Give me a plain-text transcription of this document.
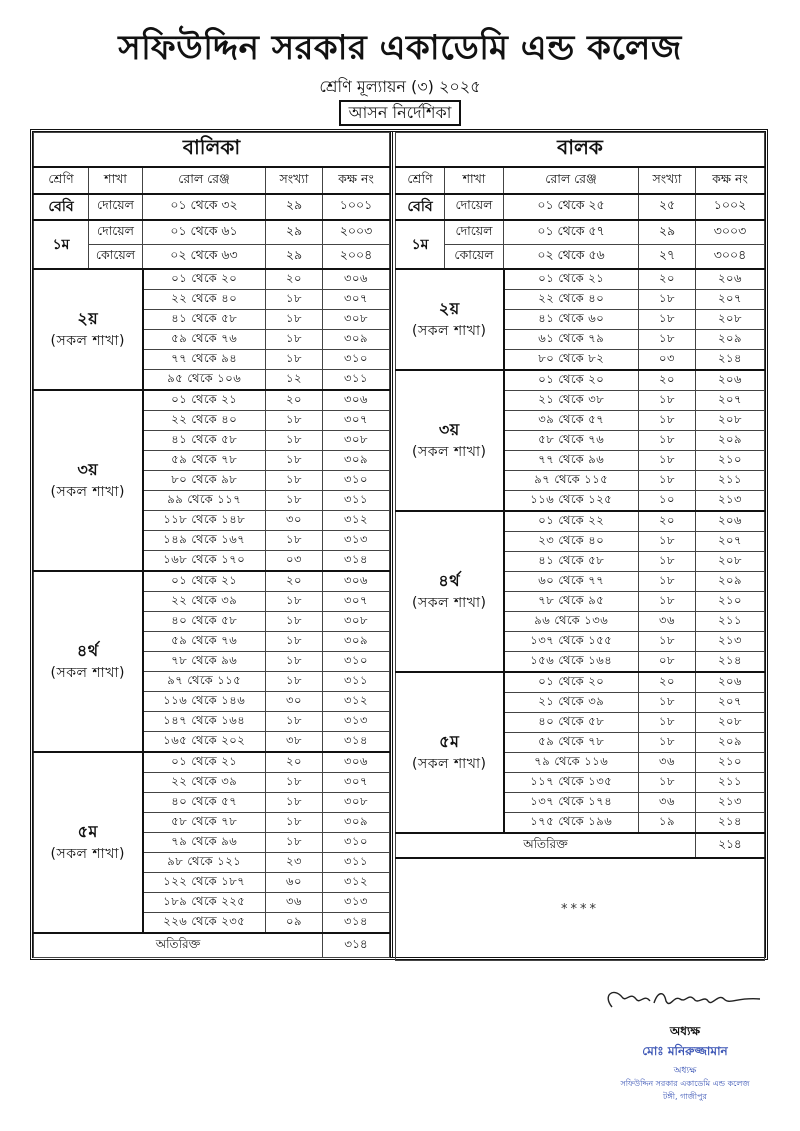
সফিউদ্দিন সরকার একাডেমি এন্ড কলেজ
শ্রেণি মূল্যায়ন (৩) ২০২৫
আসন নির্দেশিকা
বালিকা				
শ্রেণি	শাখা	রোল রেঞ্জ	সংখ্যা	কক্ষ নং
বেবি	দোয়েল	০১ থেকে ৩২	২৯	১০০১
১ম	দোয়েল	০১ থেকে ৬১	২৯	২০০৩
	কোয়েল	০২ থেকে ৬৩	২৯	২০০৪

২য়
(সকল শাখা)		০১ থেকে ২০	২০	৩০৬
		২২ থেকে ৪০	১৮	৩০৭
		৪১ থেকে ৫৮	১৮	৩০৮
		৫৯ থেকে ৭৬	১৮	৩০৯
		৭৭ থেকে ৯৪	১৮	৩১০
		৯৫ থেকে ১০৬	১২	৩১১

৩য়
(সকল শাখা)		০১ থেকে ২১	২০	৩০৬
		২২ থেকে ৪০	১৮	৩০৭
		৪১ থেকে ৫৮	১৮	৩০৮
		৫৯ থেকে ৭৮	১৮	৩০৯
		৮০ থেকে ৯৮	১৮	৩১০
		৯৯ থেকে ১১৭	১৮	৩১১
		১১৮ থেকে ১৪৮	৩০	৩১২
		১৪৯ থেকে ১৬৭	১৮	৩১৩
		১৬৮ থেকে ১৭০	০৩	৩১৪

৪র্থ
(সকল শাখা)		০১ থেকে ২১	২০	৩০৬
		২২ থেকে ৩৯	১৮	৩০৭
		৪০ থেকে ৫৮	১৮	৩০৮
		৫৯ থেকে ৭৬	১৮	৩০৯
		৭৮ থেকে ৯৬	১৮	৩১০
		৯৭ থেকে ১১৫	১৮	৩১১
		১১৬ থেকে ১৪৬	৩০	৩১২
		১৪৭ থেকে ১৬৪	১৮	৩১৩
		১৬৫ থেকে ২০২	৩৮	৩১৪

৫ম
(সকল শাখা)		০১ থেকে ২১	২০	৩০৬
		২২ থেকে ৩৯	১৮	৩০৭
		৪০ থেকে ৫৭	১৮	৩০৮
		৫৮ থেকে ৭৮	১৮	৩০৯
		৭৯ থেকে ৯৬	১৮	৩১০
		৯৮ থেকে ১২১	২৩	৩১১
		১২২ থেকে ১৮৭	৬০	৩১২
		১৮৯ থেকে ২২৫	৩৬	৩১৩
		২২৬ থেকে ২৩৫	০৯	৩১৪
অতিরিক্ত				৩১৪
বালক				
শ্রেণি	শাখা	রোল রেঞ্জ	সংখ্যা	কক্ষ নং
বেবি	দোয়েল	০১ থেকে ২৫	২৫	১০০২
১ম	দোয়েল	০১ থেকে ৫৭	২৯	৩০০৩
	কোয়েল	০২ থেকে ৫৬	২৭	৩০০৪

২য়
(সকল শাখা)		০১ থেকে ২১	২০	২০৬
		২২ থেকে ৪০	১৮	২০৭
		৪১ থেকে ৬০	১৮	২০৮
		৬১ থেকে ৭৯	১৮	২০৯
		৮০ থেকে ৮২	০৩	২১৪

৩য়
(সকল শাখা)		০১ থেকে ২০	২০	২০৬
		২১ থেকে ৩৮	১৮	২০৭
		৩৯ থেকে ৫৭	১৮	২০৮
		৫৮ থেকে ৭৬	১৮	২০৯
		৭৭ থেকে ৯৬	১৮	২১০
		৯৭ থেকে ১১৫	১৮	২১১
		১১৬ থেকে ১২৫	১০	২১৩

৪র্থ
(সকল শাখা)		০১ থেকে ২২	২০	২০৬
		২৩ থেকে ৪০	১৮	২০৭
		৪১ থেকে ৫৮	১৮	২০৮
		৬০ থেকে ৭৭	১৮	২০৯
		৭৮ থেকে ৯৫	১৮	২১০
		৯৬ থেকে ১৩৬	৩৬	২১১
		১৩৭ থেকে ১৫৫	১৮	২১৩
		১৫৬ থেকে ১৬৪	০৮	২১৪

৫ম
(সকল শাখা)		০১ থেকে ২০	২০	২০৬
		২১ থেকে ৩৯	১৮	২০৭
		৪০ থেকে ৫৮	১৮	২০৮
		৫৯ থেকে ৭৮	১৮	২০৯
		৭৯ থেকে ১১৬	৩৬	২১০
		১১৭ থেকে ১৩৫	১৮	২১১
		১৩৭ থেকে ১৭৪	৩৬	২১৩
		১৭৫ থেকে ১৯৬	১৯	২১৪
অতিরিক্ত				২১৪
****				
অধ্যক্ষ
মোঃ মনিরুজ্জামান
অধ্যক্ষ
সফিউদ্দিন সরকার একাডেমি এন্ড কলেজ
টঙ্গী, গাজীপুর
